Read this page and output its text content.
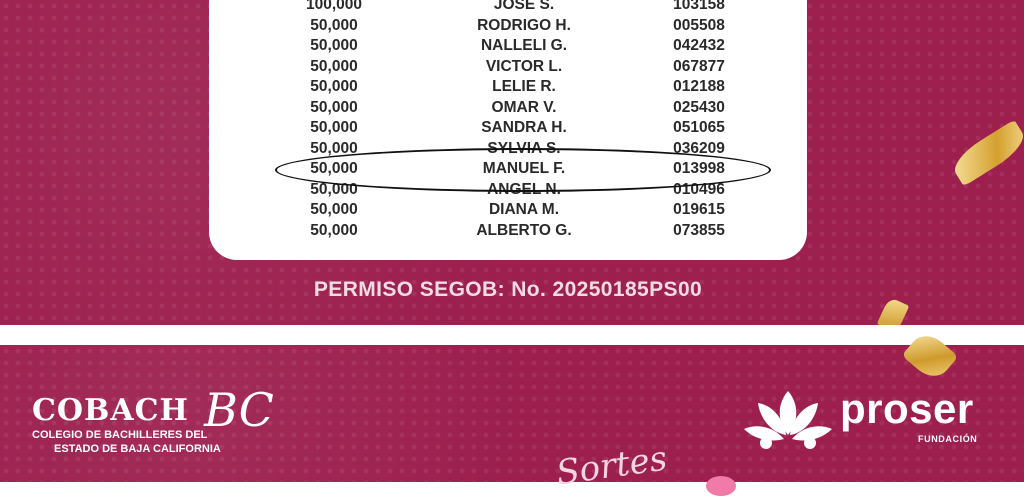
100,000	JOSE S.	103158
50,000	RODRIGO H.	005508
50,000	NALLELI G.	042432
50,000	VICTOR L.	067877
50,000	LELIE R.	012188
50,000	OMAR V.	025430
50,000	SANDRA H.	051065
50,000	SYLVIA S.	036209
50,000	MANUEL F.	013998
50,000	ANGEL N.	010496
50,000	DIANA M.	019615
50,000	ALBERTO G.	073855
PERMISO SEGOB: No. 20250185PS00
COBACH BC
COLEGIO DE BACHILLERES DEL
ESTADO DE BAJA CALIFORNIA
proser
FUNDACIÓN
Sortes
